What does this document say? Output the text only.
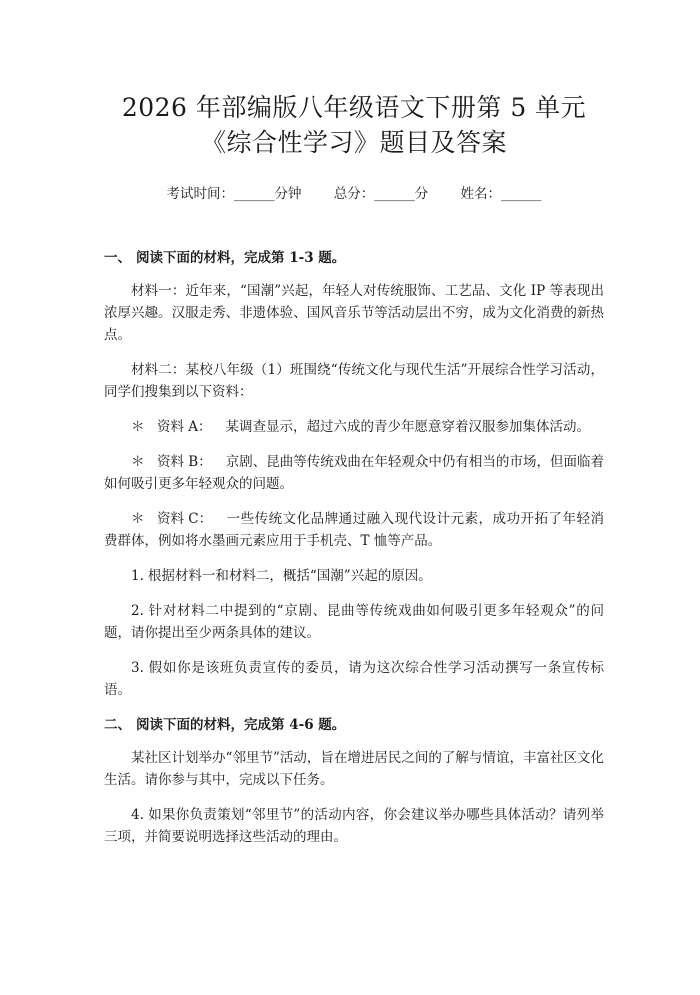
2026 年部编版八年级语文下册第 5 单元《综合性学习》题目及答案
考试时间：______分钟 总分：______分 姓名：______

一、 阅读下面的材料，完成第 1-3 题。

材料一：近年来，“国潮”兴起，年轻人对传统服饰、工艺品、文化 IP 等表现出浓厚兴趣。汉服走秀、非遗体验、国风音乐节等活动层出不穷，成为文化消费的新热点。

材料二：某校八年级（1）班围绕“传统文化与现代生活”开展综合性学习活动，同学们搜集到以下资料：

＊ 资料 A： 某调查显示，超过六成的青少年愿意穿着汉服参加集体活动。

＊ 资料 B： 京剧、昆曲等传统戏曲在年轻观众中仍有相当的市场，但面临着如何吸引更多年轻观众的问题。

＊ 资料 C： 一些传统文化品牌通过融入现代设计元素，成功开拓了年轻消费群体，例如将水墨画元素应用于手机壳、T 恤等产品。

1. 根据材料一和材料二，概括“国潮”兴起的原因。

2. 针对材料二中提到的“京剧、昆曲等传统戏曲如何吸引更多年轻观众”的问题，请你提出至少两条具体的建议。

3. 假如你是该班负责宣传的委员，请为这次综合性学习活动撰写一条宣传标语。

二、 阅读下面的材料，完成第 4-6 题。

某社区计划举办“邻里节”活动，旨在增进居民之间的了解与情谊，丰富社区文化生活。请你参与其中，完成以下任务。

4. 如果你负责策划“邻里节”的活动内容，你会建议举办哪些具体活动？请列举三项，并简要说明选择这些活动的理由。
